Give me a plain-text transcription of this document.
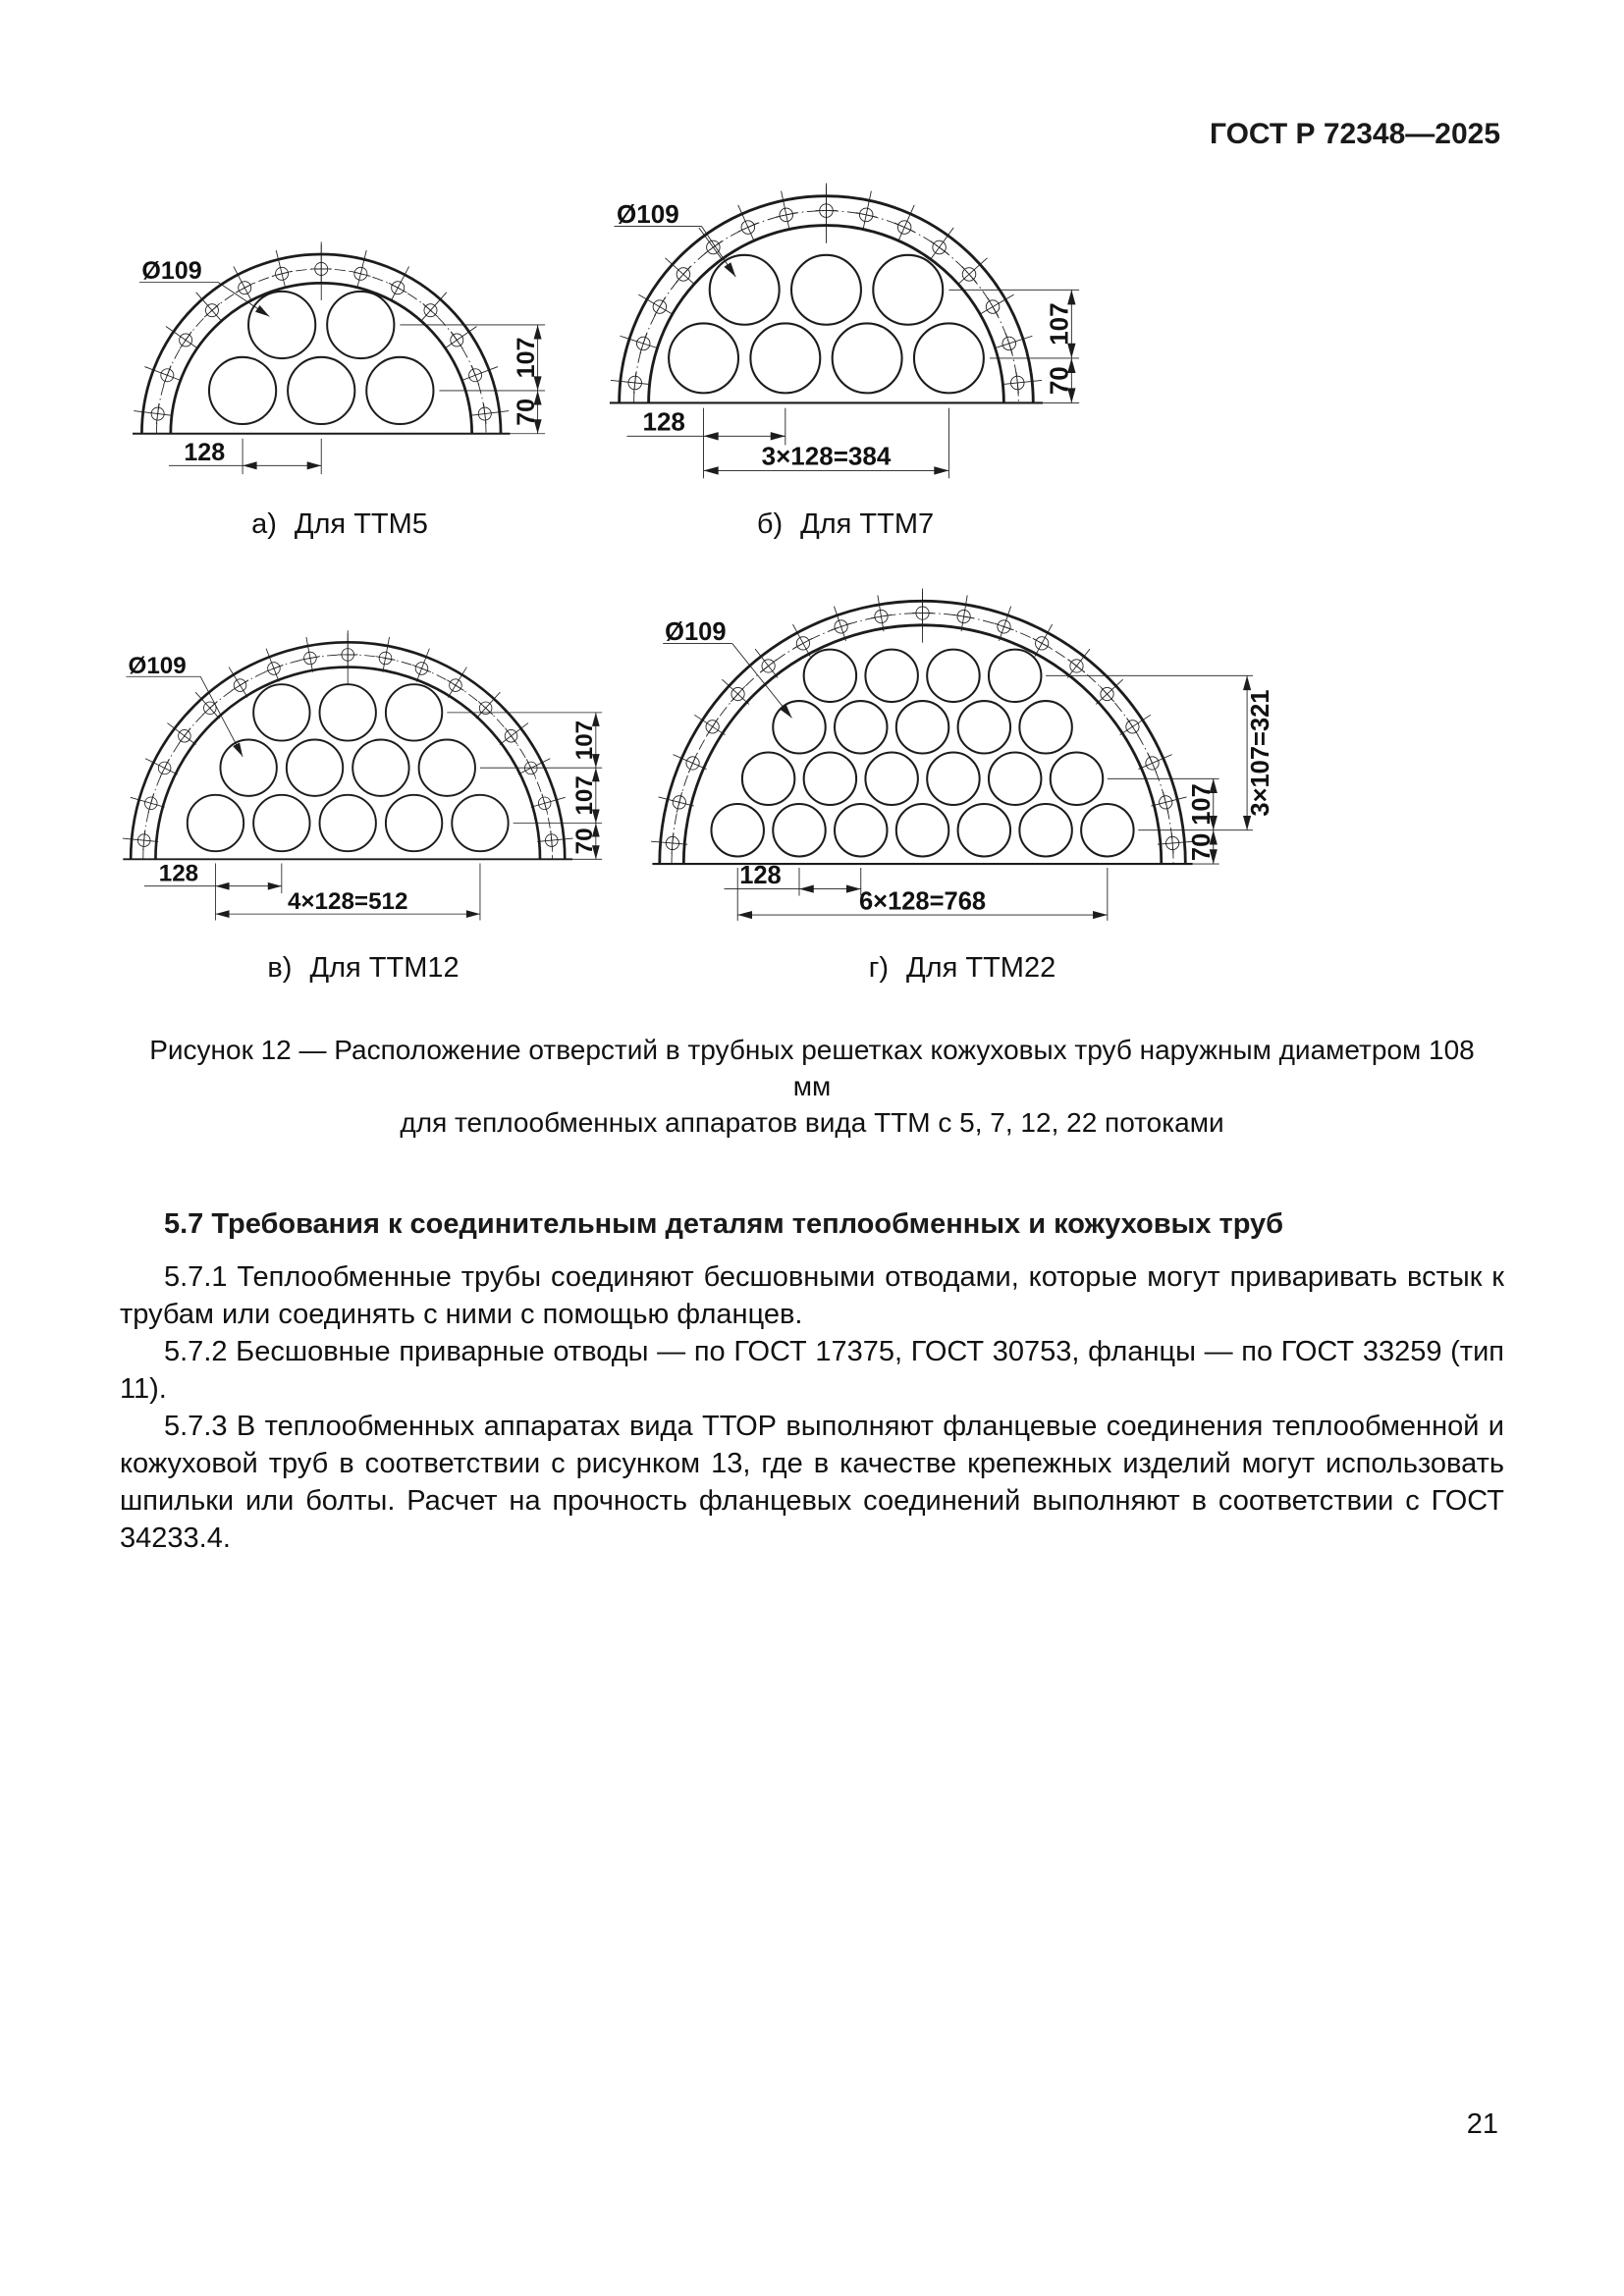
ГОСТ Р 72348—2025
107
70
128
Ø109
а) Для ТТМ5
107
70
128
3×128=384
Ø109
б) Для ТТМ7
107
107
70
128
4×128=512
Ø109
в) Для ТТМ12
107
70
3×107=321
128
6×128=768
Ø109
г) Для ТТМ22
Рисунок 12 — Расположение отверстий в трубных решетках кожуховых труб наружным диаметром 108 мм
для теплообменных аппаратов вида ТТМ с 5, 7, 12, 22 потоками
5.7 Требования к соединительным деталям теплообменных и кожуховых труб

5.7.1 Теплообменные трубы соединяют бесшовными отводами, которые могут приваривать встык к трубам или соединять с ними с помощью фланцев.

5.7.2 Бесшовные приварные отводы — по ГОСТ 17375, ГОСТ 30753, фланцы — по ГОСТ 33259 (тип 11).

5.7.3 В теплообменных аппаратах вида ТТОР выполняют фланцевые соединения теплообменной и кожуховой труб в соответствии с рисунком 13, где в качестве крепежных изделий могут использовать шпильки или болты. Расчет на прочность фланцевых соединений выполняют в соответствии с ГОСТ 34233.4.

21
